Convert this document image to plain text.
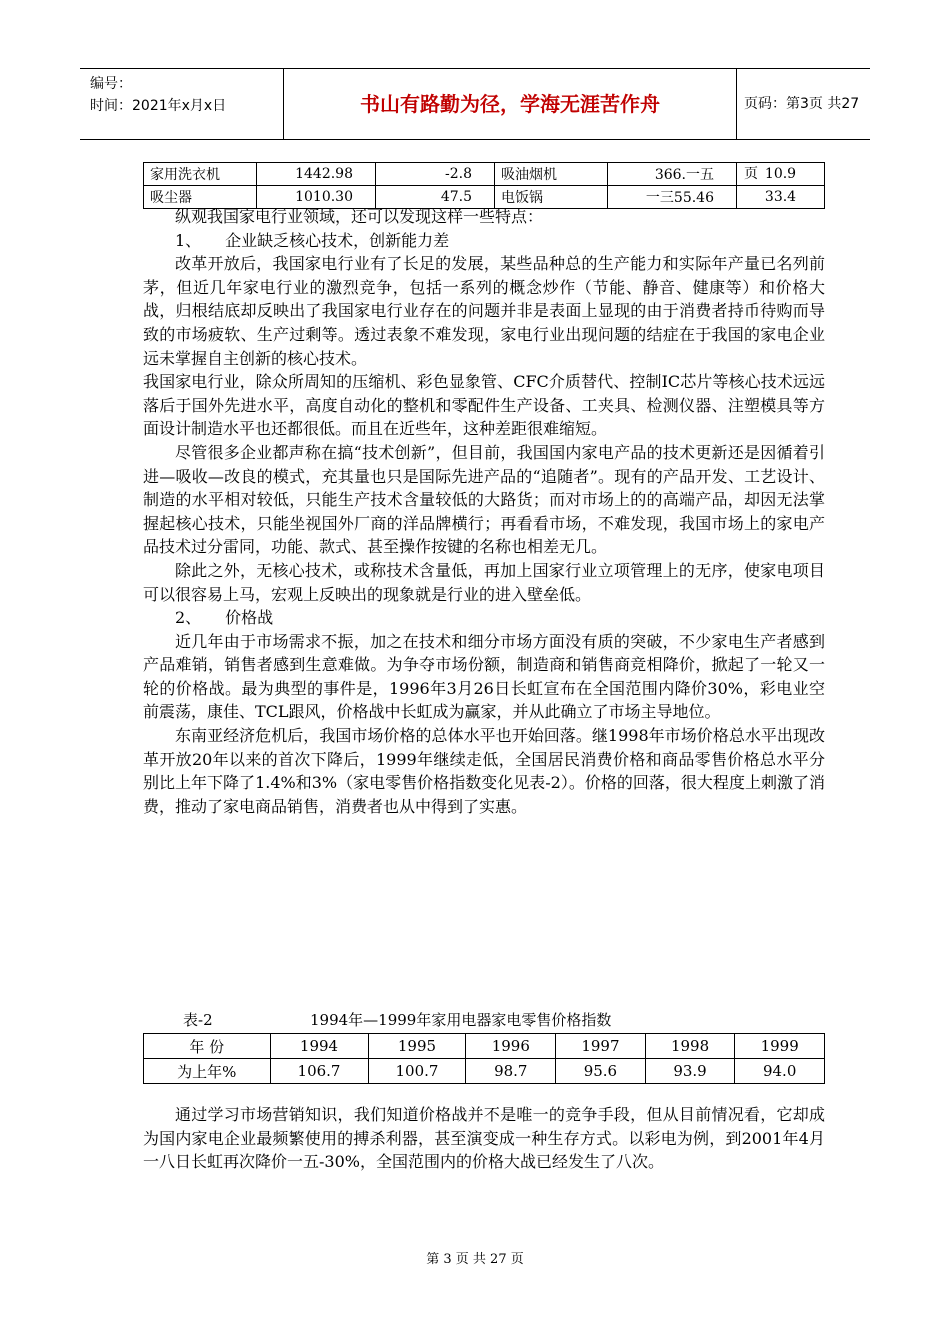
编号：
时间：2021年x月x日	书山有路勤为径，学海无涯苦作舟	页码：第3页 共27页
家用洗衣机	1442.98	-2.8	吸油烟机	366.一五	10.9
吸尘器	1010.30	47.5	电饭锅	一三55.46	33.4

纵观我国家电行业领域，还可以发现这样一些特点：

1、　　企业缺乏核心技术，创新能力差

改革开放后，我国家电行业有了长足的发展，某些品种总的生产能力和实际年产量已名列前茅，但近几年家电行业的激烈竞争，包括一系列的概念炒作（节能、静音、健康等）和价格大战，归根结底却反映出了我国家电行业存在的问题并非是表面上显现的由于消费者持币待购而导致的市场疲软、生产过剩等。透过表象不难发现，家电行业出现问题的结症在于我国的家电企业远未掌握自主创新的核心技术。

我国家电行业，除众所周知的压缩机、彩色显象管、CFC介质替代、控制IC芯片等核心技术远远落后于国外先进水平，高度自动化的整机和零配件生产设备、工夹具、检测仪器、注塑模具等方面设计制造水平也还都很低。而且在近些年，这种差距很难缩短。

尽管很多企业都声称在搞“技术创新”，但目前，我国国内家电产品的技术更新还是因循着引进—吸收—改良的模式，充其量也只是国际先进产品的“追随者”。现有的产品开发、工艺设计、制造的水平相对较低，只能生产技术含量较低的大路货；而对市场上的的高端产品，却因无法掌握起核心技术，只能坐视国外厂商的洋品牌横行；再看看市场，不难发现，我国市场上的家电产品技术过分雷同，功能、款式、甚至操作按键的名称也相差无几。

除此之外，无核心技术，或称技术含量低，再加上国家行业立项管理上的无序，使家电项目可以很容易上马，宏观上反映出的现象就是行业的进入壁垒低。

2、　　价格战

近几年由于市场需求不振，加之在技术和细分市场方面没有质的突破，不少家电生产者感到产品难销，销售者感到生意难做。为争夺市场份额，制造商和销售商竞相降价，掀起了一轮又一轮的价格战。最为典型的事件是，1996年3月26日长虹宣布在全国范围内降价30%，彩电业空前震荡，康佳、TCL跟风，价格战中长虹成为赢家，并从此确立了市场主导地位。

东南亚经济危机后，我国市场价格的总体水平也开始回落。继1998年市场价格总水平出现改革开放20年以来的首次下降后，1999年继续走低，全国居民消费价格和商品零售价格总水平分别比上年下降了1.4%和3%（家电零售价格指数变化见表-2）。价格的回落，很大程度上刺激了消费，推动了家电商品销售，消费者也从中得到了实惠。

表-2	1994年—1999年家用电器家电零售价格指数
年 份	1994	1995	1996	1997	1998	1999
为上年%	106.7	100.7	98.7	95.6	93.9	94.0

通过学习市场营销知识，我们知道价格战并不是唯一的竞争手段，但从目前情况看，它却成为国内家电企业最频繁使用的搏杀利器，甚至演变成一种生存方式。以彩电为例，到2001年4月一八日长虹再次降价一五-30%，全国范围内的价格大战已经发生了八次。

第 3 页 共 27 页
